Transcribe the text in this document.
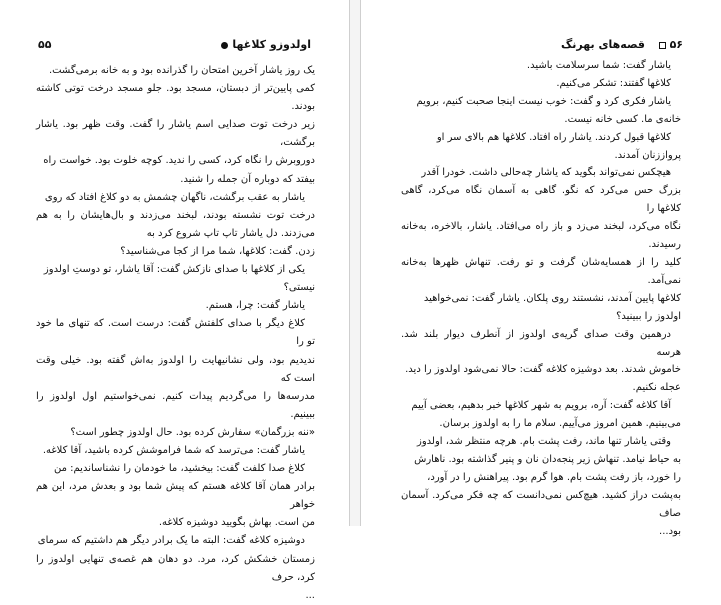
اولدوزو کلاغها
۵۵

یک روز یاشار آخرین امتحان را گذرانده بود و به خانه برمی‌گشت.

کمی پایین‌تر از دبستان، مسجد بود. جلو مسجد درخت توتی کاشته بودند.

زیر درخت توت صدایی اسم یاشار را گفت. وقت ظهر بود. یاشار برگشت،

دوروبرش را نگاه کرد، کسی را ندید. کوچه خلوت بود. خواست راه

بیفتد که دوباره آن جمله را شنید.

یاشار به عقب برگشت، ناگهان چشمش به دو کلاغ افتاد که روی

درخت توت نشسته بودند، لبخند می‌زدند و بال‌هایشان را به هم می‌زدند. دل یاشار تاپ تاپ شروع کرد به

زدن. گفت: کلاغها، شما مرا از کجا می‌شناسید؟

یکی از کلاغها با صدای نازکش گفت: آقا یاشار، تو دوستِ اولدوز

نیستی؟

یاشار گفت: چرا، هستم.

کلاغ دیگر با صدای کلفتش گفت: درست است. که تنهای ما خود تو را

ندیدیم بود، ولی نشانیهایت را اولدوز به‌اش گفته بود. خیلی وقت است که

مدرسه‌ها را می‌گردیم پیدات کنیم. نمی‌خواستیم اول اولدوز را ببینیم.

«ننه بزرگمان» سفارش کرده بود. حال اولدوز چطور است؟

یاشار گفت: می‌ترسد که شما فراموشش کرده باشید، آقا کلاغه.

کلاغ صدا کلفت گفت: بیخشید، ما خودمان را نشناساندیم: من

برادر همان آقا کلاغه هستم که پیش شما بود و بعدش مرد، این هم خواهر

من است. بهاش بگویید دوشیزه کلاغه.

دوشیزه کلاغه گفت: البته ما یک برادر دیگر هم داشتیم که سرمای

زمستان خشکش کرد، مرد. دو دهان هم غصه‌ی تنهایی اولدوز را کرد، حرف

...

۵۶
قصه‌های بهرنگ

یاشار گفت: شما سرسلامت باشید.

کلاغها گفتند: تشکر می‌کنیم.

یاشار فکری کرد و گفت: خوب نیست اینجا صحبت کنیم، برویم

خانه‌ی ما. کسی خانه نیست.

کلاغها قبول کردند. یاشار راه افتاد. کلاغها هم بالای سر او

پرواززنان آمدند.

هیچکس نمی‌تواند بگوید که یاشار چه‌حالی داشت. خودرا آقدر

بزرگ حس می‌کرد که نگو. گاهی به آسمان نگاه می‌کرد، گاهی کلاغها را

نگاه می‌کرد، لبخند می‌زد و باز راه می‌افتاد. یاشار، بالاخره، به‌خانه رسیدند.

کلید را از همسایه‌شان گرفت و تو رفت. تنهاش ظهرها به‌خانه نمی‌آمد.

کلاغها پایین آمدند، نشستند روی پلکان. یاشار گفت: نمی‌خواهید

اولدوز را ببینید؟

درهمین وقت صدای گریه‌ی اولدوز از آنطرف دیوار بلند شد. هرسه

خاموش شدند. بعد دوشیزه کلاغه گفت: حالا نمی‌شود اولدوز را دید.

عجله نکنیم.

آقا کلاغه گفت: آره، برویم به شهر کلاغها خبر بدهیم، بعضی‌ آییم

می‌بینیم. همین امروز می‌آییم. سلام ما را به اولدوز برسان.

وقتی یاشار تنها ماند، رفت پشت بام. هرچه منتظر شد، اولدوز

به حیاط نیامد. تنهاش زیر پنجه‌دان نان و پنیر گذاشته بود. ناهارش

را خورد، باز رفت پشت بام. هوا گرم بود. پیراهنش را در آورد،

به‌پشت دراز کشید. هیچ‌کس نمی‌دانست که چه فکر می‌کرد. آسمان صاف

بود...
